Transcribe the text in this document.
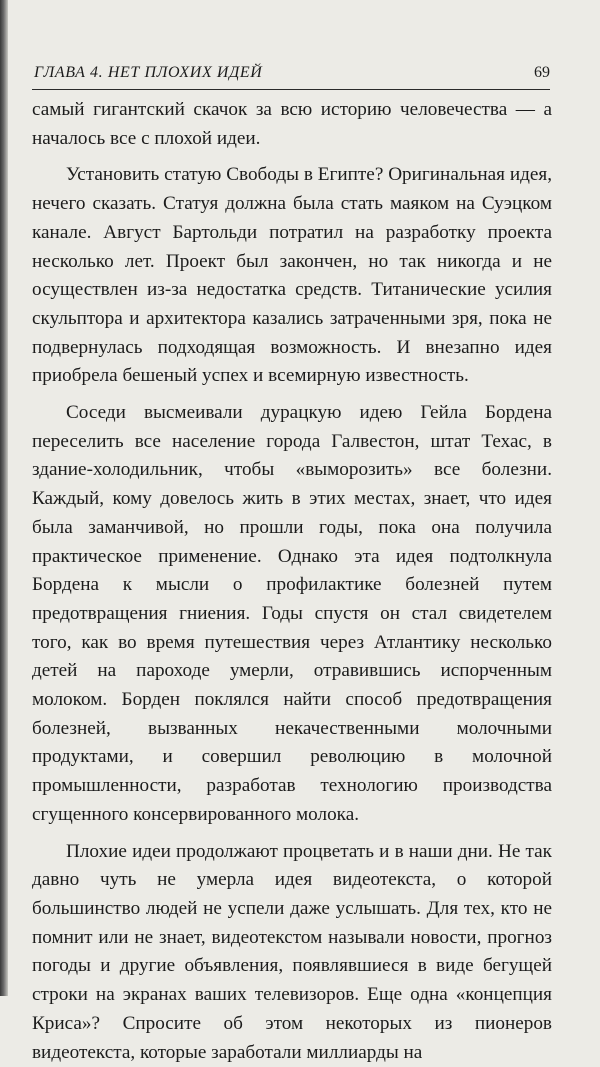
ГЛАВА 4. НЕТ ПЛОХИХ ИДЕЙ	69

самый гигантский скачок за всю историю человечества — а началось все с плохой идеи.

Установить статую Свободы в Египте? Оригинальная идея, нечего сказать. Статуя должна была стать маяком на Суэцком канале. Август Бартольди потратил на разработку проекта несколько лет. Проект был закончен, но так никогда и не осуществлен из-за недостатка средств. Титанические усилия скульптора и архитектора казались затраченными зря, пока не подвернулась подходящая возможность. И внезапно идея приобрела бешеный успех и всемирную известность.

Соседи высмеивали дурацкую идею Гейла Бордена переселить все население города Галвестон, штат Техас, в здание-холодильник, чтобы «выморозить» все болезни. Каждый, кому довелось жить в этих местах, знает, что идея была заманчивой, но прошли годы, пока она получила практическое применение. Однако эта идея подтолкнула Бордена к мысли о профилактике болезней путем предотвращения гниения. Годы спустя он стал свидетелем того, как во время путешествия через Атлантику несколько детей на пароходе умерли, отравившись испорченным молоком. Борден поклялся найти способ предотвращения болезней, вызванных некачественными молочными продуктами, и совершил революцию в молочной промышленности, разработав технологию производства сгущенного консервированного молока.

Плохие идеи продолжают процветать и в наши дни. Не так давно чуть не умерла идея видеотекста, о которой большинство людей не успели даже услышать. Для тех, кто не помнит или не знает, видеотекстом называли новости, прогноз погоды и другие объявления, появлявшиеся в виде бегущей строки на экранах ваших телевизоров. Еще одна «концепция Криса»? Спросите об этом некоторых из пионеров видеотекста, которые заработали миллиарды на
